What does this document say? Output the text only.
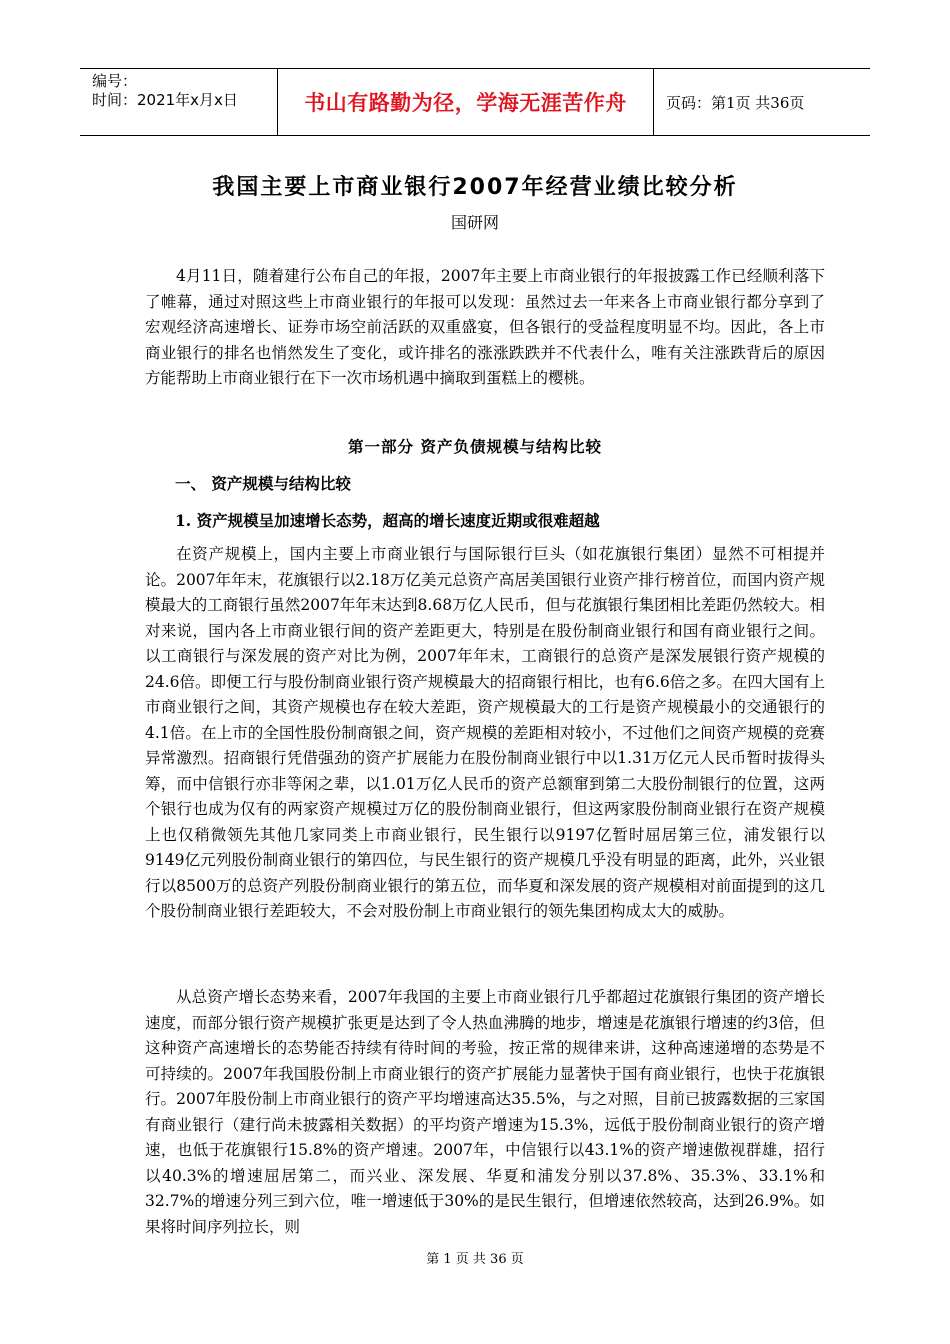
编号：
时间：2021年x月x日	书山有路勤为径，学海无涯苦作舟	页码：第1页 共36页
我国主要上市商业银行2007年经营业绩比较分析
国研网

4月11日，随着建行公布自己的年报，2007年主要上市商业银行的年报披露工作已经顺利落下了帷幕，通过对照这些上市商业银行的年报可以发现：虽然过去一年来各上市商业银行都分享到了宏观经济高速增长、证券市场空前活跃的双重盛宴，但各银行的受益程度明显不均。因此，各上市商业银行的排名也悄然发生了变化，或许排名的涨涨跌跌并不代表什么，唯有关注涨跌背后的原因方能帮助上市商业银行在下一次市场机遇中摘取到蛋糕上的樱桃。

第一部分 资产负债规模与结构比较
一、 资产规模与结构比较
1. 资产规模呈加速增长态势，超高的增长速度近期或很难超越

在资产规模上，国内主要上市商业银行与国际银行巨头（如花旗银行集团）显然不可相提并论。2007年年末，花旗银行以2.18万亿美元总资产高居美国银行业资产排行榜首位，而国内资产规模最大的工商银行虽然2007年年末达到8.68万亿人民币，但与花旗银行集团相比差距仍然较大。相对来说，国内各上市商业银行间的资产差距更大，特别是在股份制商业银行和国有商业银行之间。以工商银行与深发展的资产对比为例，2007年年末，工商银行的总资产是深发展银行资产规模的24.6倍。即便工行与股份制商业银行资产规模最大的招商银行相比，也有6.6倍之多。在四大国有上市商业银行之间，其资产规模也存在较大差距，资产规模最大的工行是资产规模最小的交通银行的4.1倍。在上市的全国性股份制商银之间，资产规模的差距相对较小，不过他们之间资产规模的竞赛异常激烈。招商银行凭借强劲的资产扩展能力在股份制商业银行中以1.31万亿元人民币暂时拔得头筹，而中信银行亦非等闲之辈，以1.01万亿人民币的资产总额窜到第二大股份制银行的位置，这两个银行也成为仅有的两家资产规模过万亿的股份制商业银行，但这两家股份制商业银行在资产规模上也仅稍微领先其他几家同类上市商业银行，民生银行以9197亿暂时屈居第三位，浦发银行以9149亿元列股份制商业银行的第四位，与民生银行的资产规模几乎没有明显的距离，此外，兴业银行以8500万的总资产列股份制商业银行的第五位，而华夏和深发展的资产规模相对前面提到的这几个股份制商业银行差距较大，不会对股份制上市商业银行的领先集团构成太大的威胁。

从总资产增长态势来看，2007年我国的主要上市商业银行几乎都超过花旗银行集团的资产增长速度，而部分银行资产规模扩张更是达到了令人热血沸腾的地步，增速是花旗银行增速的约3倍，但这种资产高速增长的态势能否持续有待时间的考验，按正常的规律来讲，这种高速递增的态势是不可持续的。2007年我国股份制上市商业银行的资产扩展能力显著快于国有商业银行，也快于花旗银行。2007年股份制上市商业银行的资产平均增速高达35.5%，与之对照，目前已披露数据的三家国有商业银行（建行尚未披露相关数据）的平均资产增速为15.3%，远低于股份制商业银行的资产增速，也低于花旗银行15.8%的资产增速。2007年，中信银行以43.1%的资产增速傲视群雄，招行以40.3%的增速屈居第二，而兴业、深发展、华夏和浦发分别以37.8%、35.3%、33.1%和32.7%的增速分列三到六位，唯一增速低于30%的是民生银行，但增速依然较高，达到26.9%。如果将时间序列拉长，则

第 1 页 共 36 页
